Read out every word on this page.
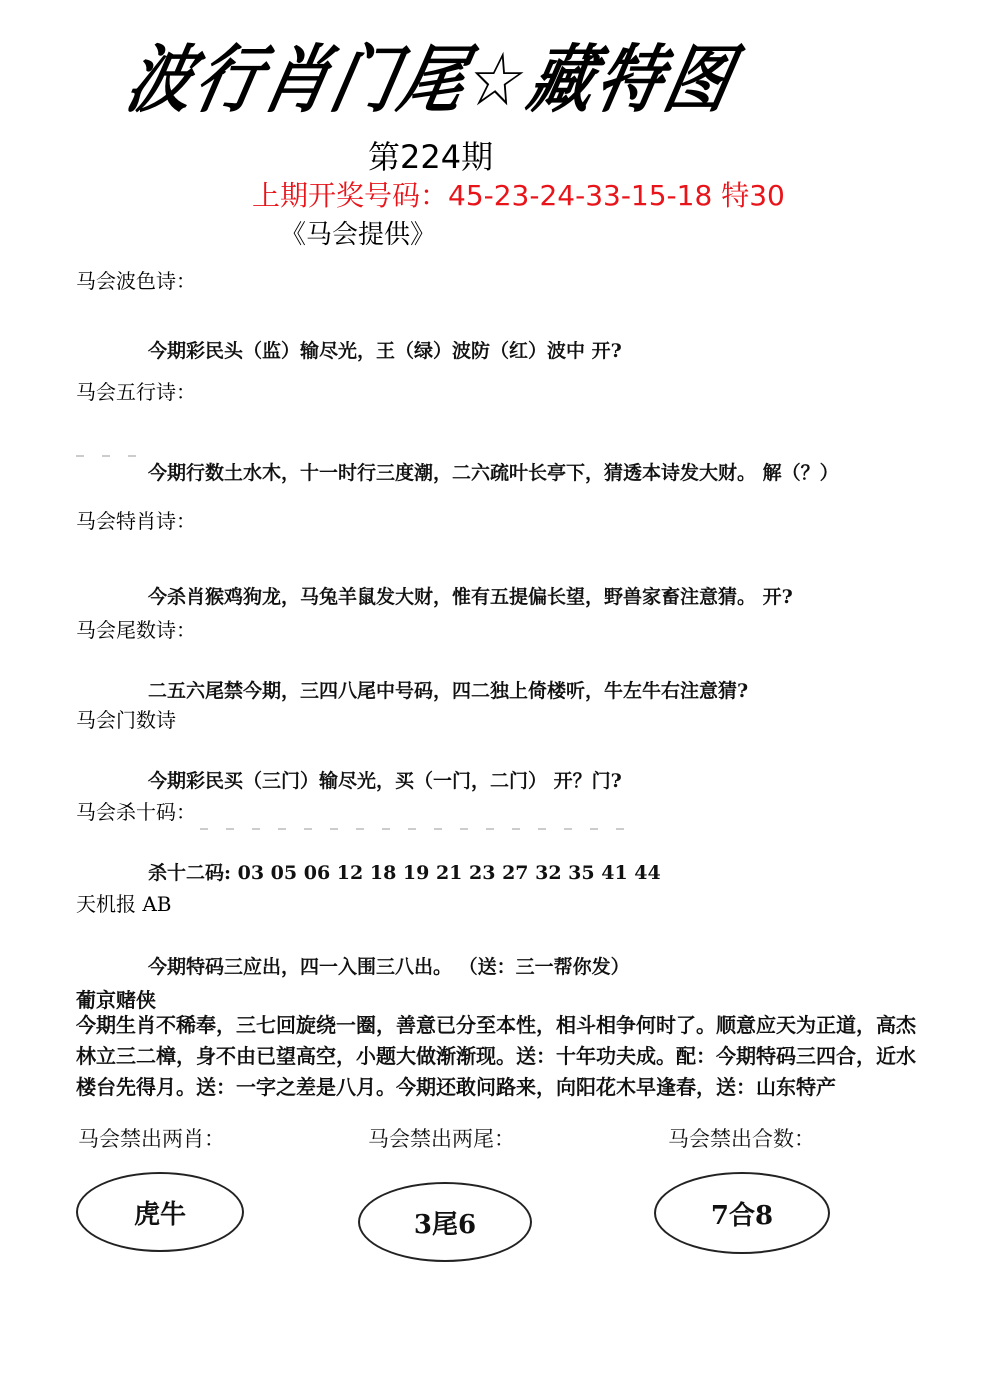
波行肖门尾☆藏特图
第224期
上期开奖号码：45-23-24-33-15-18 特30
《马会提供》
马会波色诗：
今期彩民头（监）输尽光，王（绿）波防（红）波中 开?
马会五行诗：
今期行数土水木，十一时行三度潮，二六疏叶长亭下，猜透本诗发大财。 解（？）
马会特肖诗：
今杀肖猴鸡狗龙，马兔羊鼠发大财，惟有五提偏长望，野兽家畜注意猜。 开?
马会尾数诗：
二五六尾禁今期，三四八尾中号码，四二独上倚楼听，牛左牛右注意猜?
马会门数诗
今期彩民买（三门）输尽光，买（一门，二门） 开？门?
马会杀十码：
杀十二码: 03 05 06 12 18 19 21 23 27 32 35 41 44
天机报 AB
今期特码三应出，四一入围三八出。 （送：三一帮你发）
葡京赌侠
今期生肖不稀奉，三七回旋绕一圈，善意已分至本性，相斗相争何时了。顺意应天为正道，高杰林立三二樟，身不由已望高空，小题大做渐渐现。送：十年功夫成。配：今期特码三四合，近水楼台先得月。送：一字之差是八月。今期还敢问路来，向阳花木早逢春，送：山东特产
马会禁出两肖：	马会禁出两尾：	马会禁出合数：
虎牛	3尾6	7合8
